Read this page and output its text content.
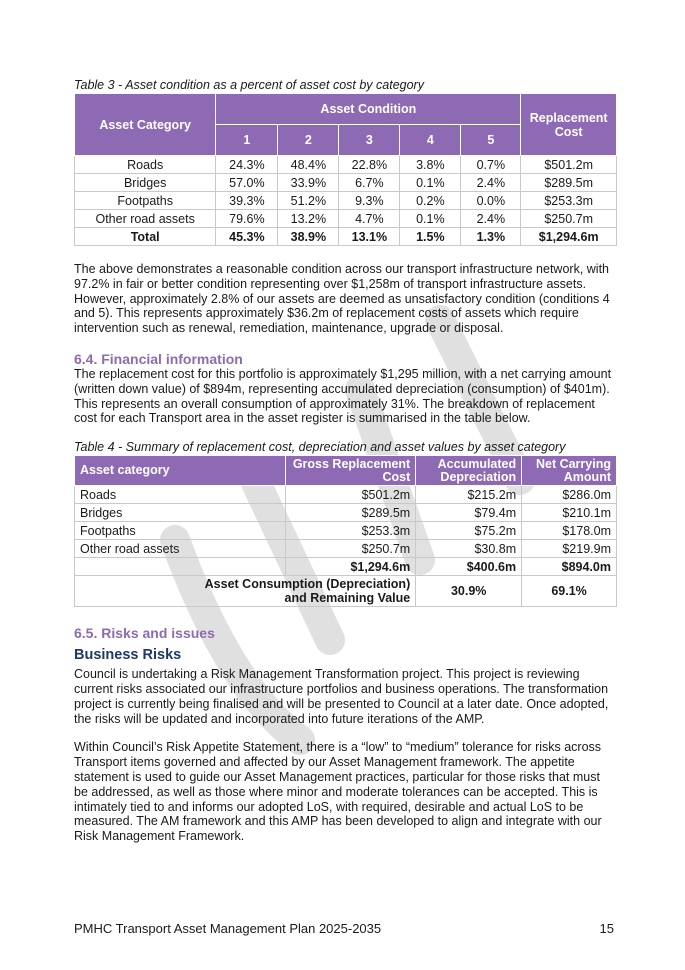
Table 3 - Asset condition as a percent of asset cost by category

Asset Category	Asset Condition					Replacement Cost
	1	2	3	4	5	
Roads	24.3%	48.4%	22.8%	3.8%	0.7%	$501.2m
Bridges	57.0%	33.9%	6.7%	0.1%	2.4%	$289.5m
Footpaths	39.3%	51.2%	9.3%	0.2%	0.0%	$253.3m
Other road assets	79.6%	13.2%	4.7%	0.1%	2.4%	$250.7m
Total	45.3%	38.9%	13.1%	1.5%	1.3%	$1,294.6m

The above demonstrates a reasonable condition across our transport infrastructure network, with 97.2% in fair or better condition representing over $1,258m of transport infrastructure assets. However, approximately 2.8% of our assets are deemed as unsatisfactory condition (conditions 4 and 5). This represents approximately $36.2m of replacement costs of assets which require intervention such as renewal, remediation, maintenance, upgrade or disposal.

6.4. Financial information

The replacement cost for this portfolio is approximately $1,295 million, with a net carrying amount (written down value) of $894m, representing accumulated depreciation (consumption) of $401m). This represents an overall consumption of approximately 31%. The breakdown of replacement cost for each Transport area in the asset register is summarised in the table below.

Table 4 - Summary of replacement cost, depreciation and asset values by asset category

Asset category	Gross Replacement Cost	Accumulated Depreciation	Net Carrying Amount
Roads	$501.2m	$215.2m	$286.0m
Bridges	$289.5m	$79.4m	$210.1m
Footpaths	$253.3m	$75.2m	$178.0m
Other road assets	$250.7m	$30.8m	$219.9m
	$1,294.6m	$400.6m	$894.0m
Asset Consumption (Depreciation) and Remaining Value		30.9%	69.1%
6.5. Risks and issues
Business Risks

Council is undertaking a Risk Management Transformation project. This project is reviewing current risks associated our infrastructure portfolios and business operations. The transformation project is currently being finalised and will be presented to Council at a later date. Once adopted, the risks will be updated and incorporated into future iterations of the AMP.

Within Council’s Risk Appetite Statement, there is a “low” to “medium” tolerance for risks across Transport items governed and affected by our Asset Management framework. The appetite statement is used to guide our Asset Management practices, particular for those risks that must be addressed, as well as those where minor and moderate tolerances can be accepted. This is intimately tied to and informs our adopted LoS, with required, desirable and actual LoS to be measured. The AM framework and this AMP has been developed to align and integrate with our Risk Management Framework.

PMHC Transport Asset Management Plan 2025-2035	15
